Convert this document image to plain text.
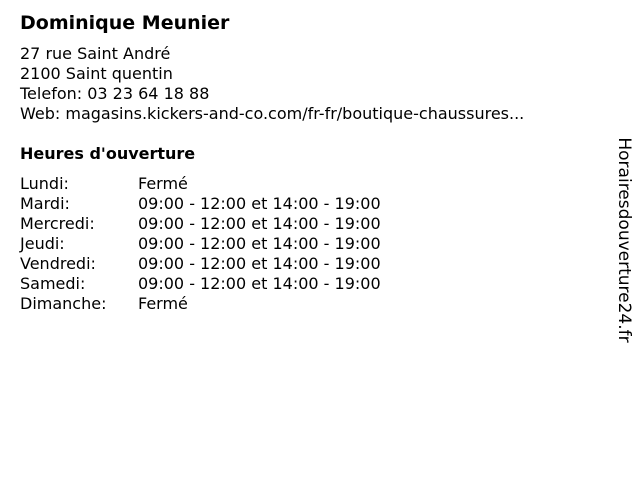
Dominique Meunier
27 rue Saint André
2100 Saint quentin
Telefon: 03 23 64 18 88
Web: magasins.kickers-and-co.com/fr-fr/boutique-chaussures...
Heures d'ouverture
Lundi:	Fermé
Mardi:	09:00 - 12:00 et 14:00 - 19:00
Mercredi:	09:00 - 12:00 et 14:00 - 19:00
Jeudi:	09:00 - 12:00 et 14:00 - 19:00
Vendredi:	09:00 - 12:00 et 14:00 - 19:00
Samedi:	09:00 - 12:00 et 14:00 - 19:00
Dimanche:	Fermé	Horairesdouverture24.fr
